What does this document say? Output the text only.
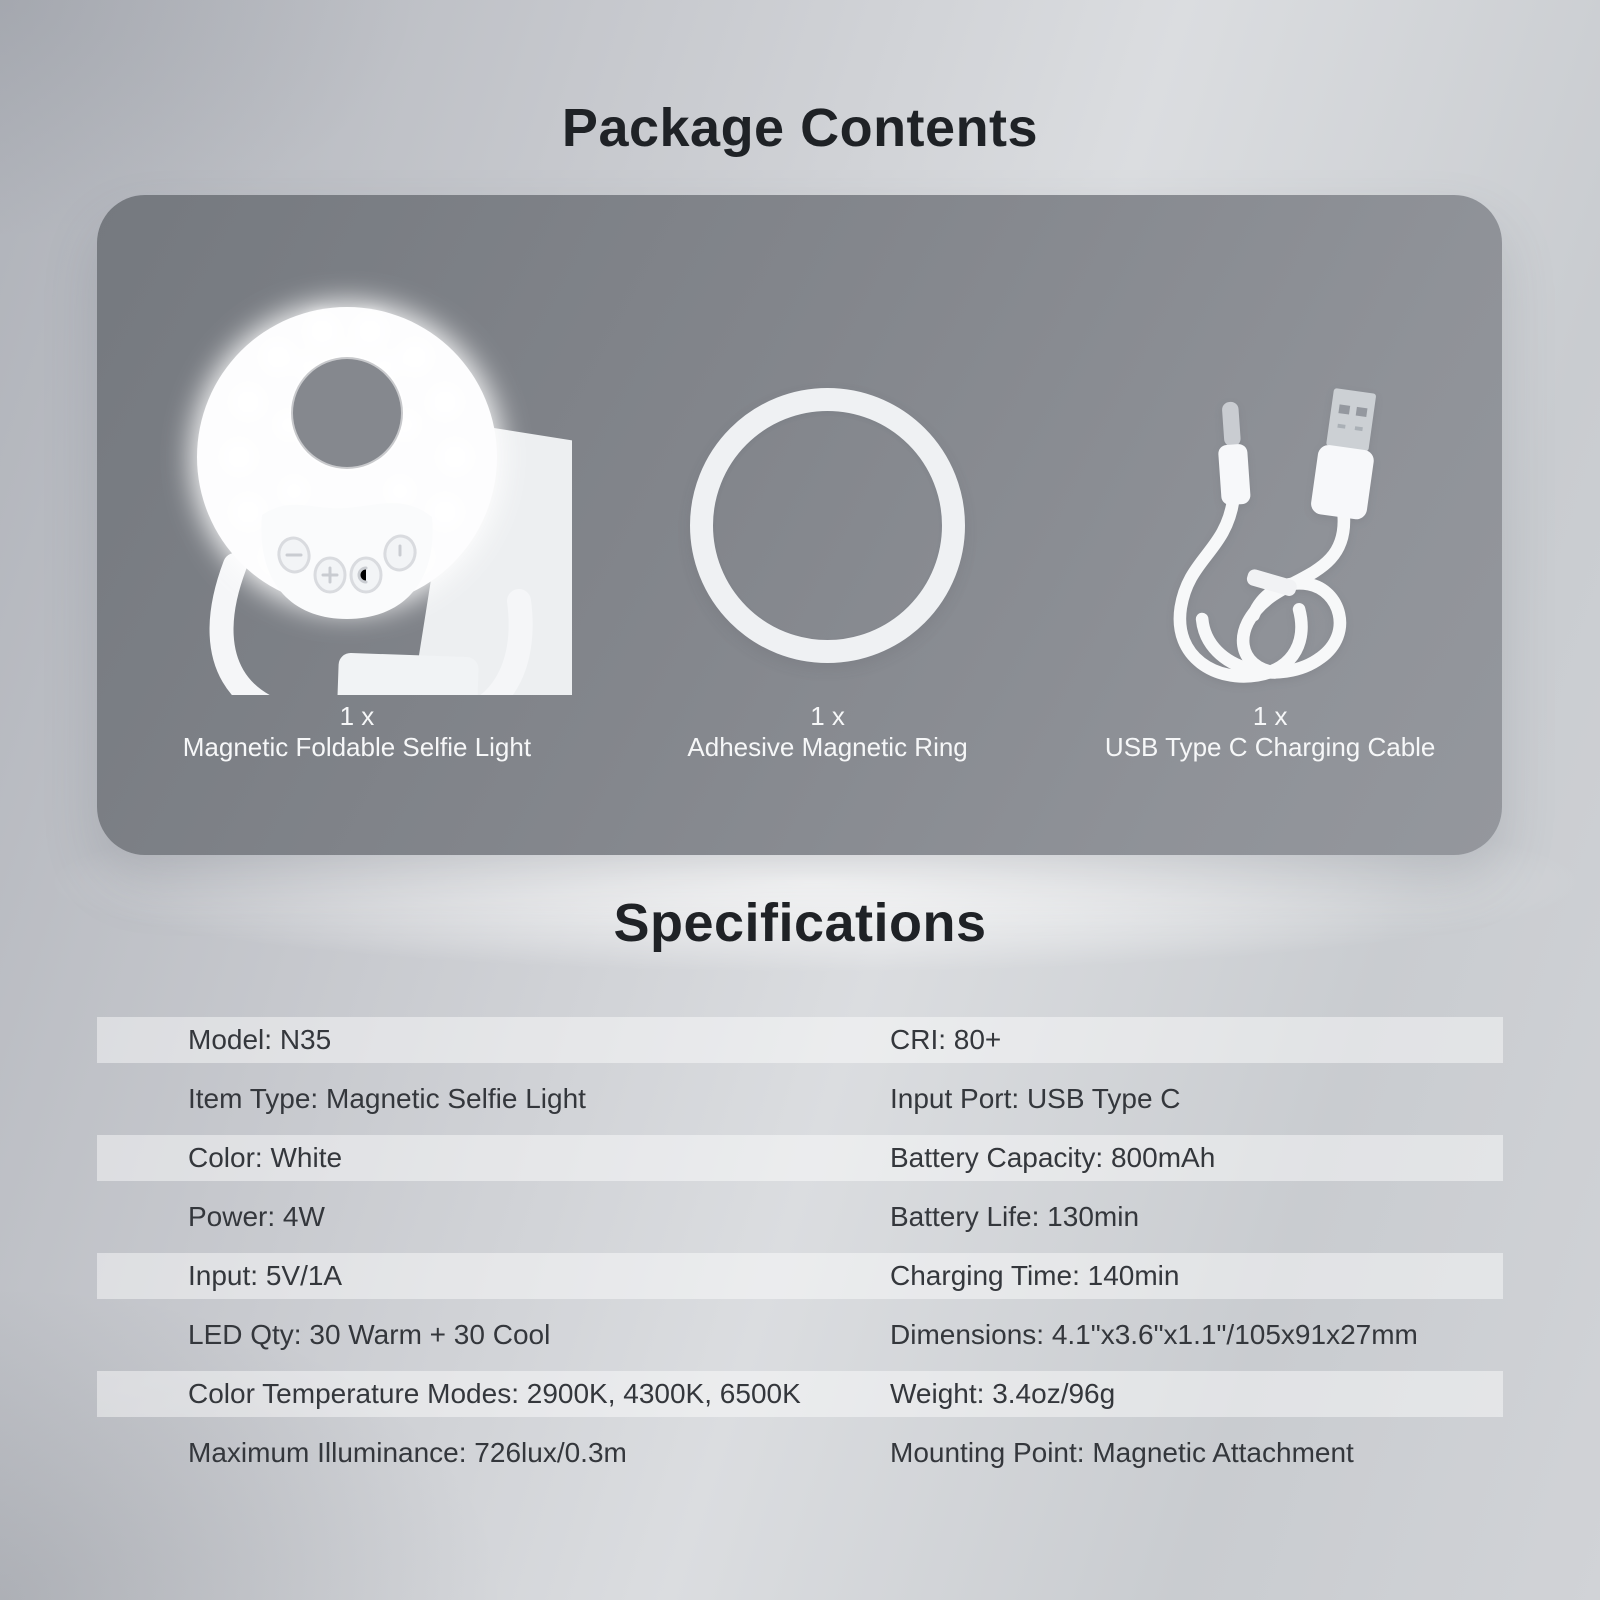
Package Contents
1 x
Magnetic Foldable Selfie Light
1 x
Adhesive Magnetic Ring
1 x
USB Type C Charging Cable
Specifications
Model: N35	CRI: 80+
Item Type: Magnetic Selfie Light	Input Port: USB Type C
Color: White	Battery Capacity: 800mAh
Power: 4W	Battery Life: 130min
Input: 5V/1A	Charging Time: 140min
LED Qty: 30 Warm + 30 Cool	Dimensions: 4.1"x3.6"x1.1"/105x91x27mm
Color Temperature Modes: 2900K, 4300K, 6500K	Weight: 3.4oz/96g
Maximum Illuminance: 726lux/0.3m	Mounting Point: Magnetic Attachment
